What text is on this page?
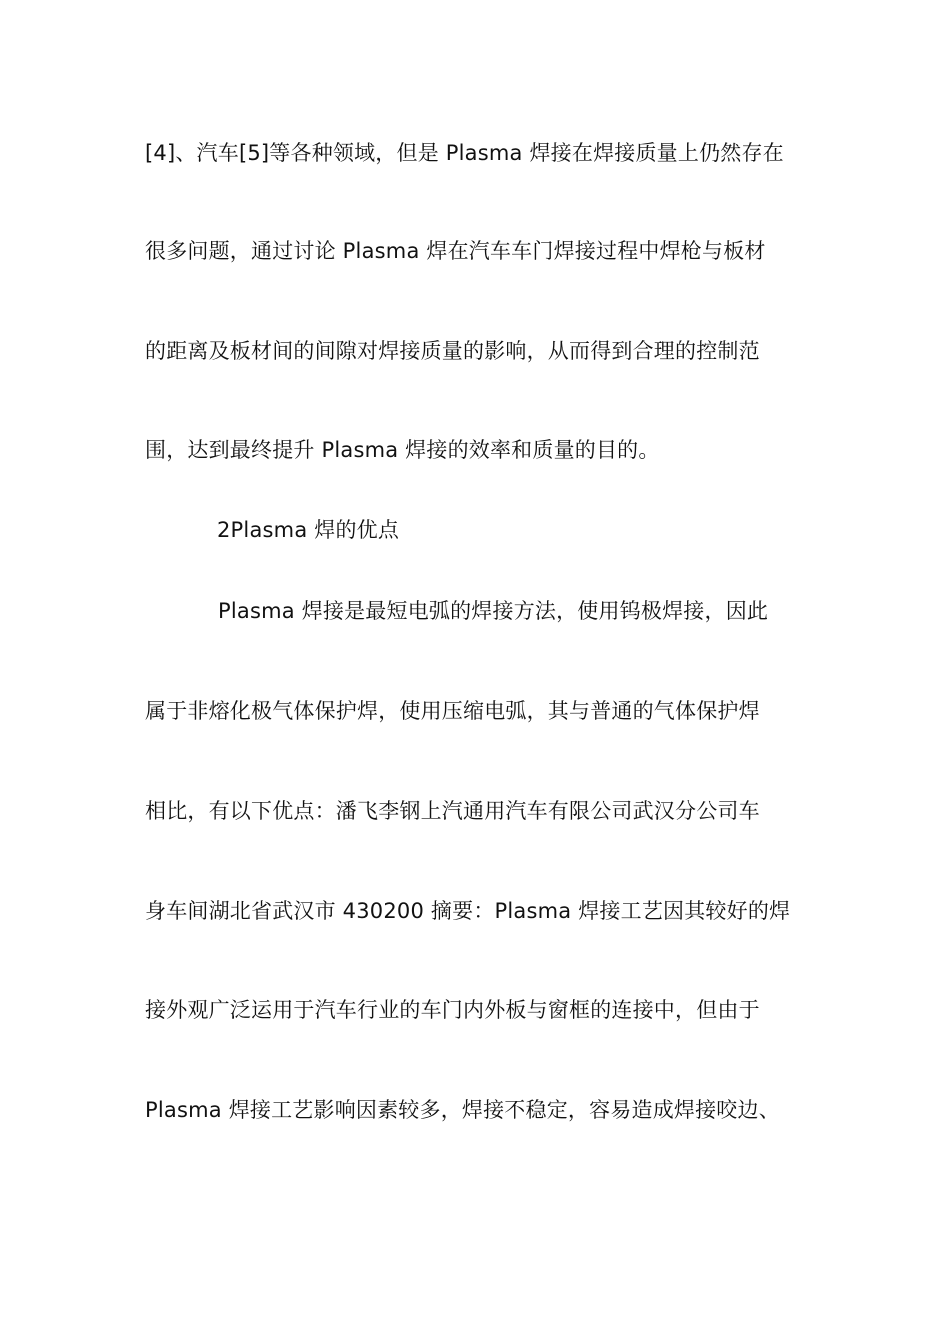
[4]、汽车[5]等各种领域，但是 Plasma 焊接在焊接质量上仍然存在
很多问题，通过讨论 Plasma 焊在汽车车门焊接过程中焊枪与板材
的距离及板材间的间隙对焊接质量的影响，从而得到合理的控制范
围，达到最终提升 Plasma 焊接的效率和质量的目的。
2Plasma 焊的优点
Plasma 焊接是最短电弧的焊接方法，使用钨极焊接，因此
属于非熔化极气体保护焊，使用压缩电弧，其与普通的气体保护焊
相比，有以下优点：潘飞李钢上汽通用汽车有限公司武汉分公司车
身车间湖北省武汉市 430200 摘要：Plasma 焊接工艺因其较好的焊
接外观广泛运用于汽车行业的车门内外板与窗框的连接中，但由于
Plasma 焊接工艺影响因素较多，焊接不稳定，容易造成焊接咬边、
